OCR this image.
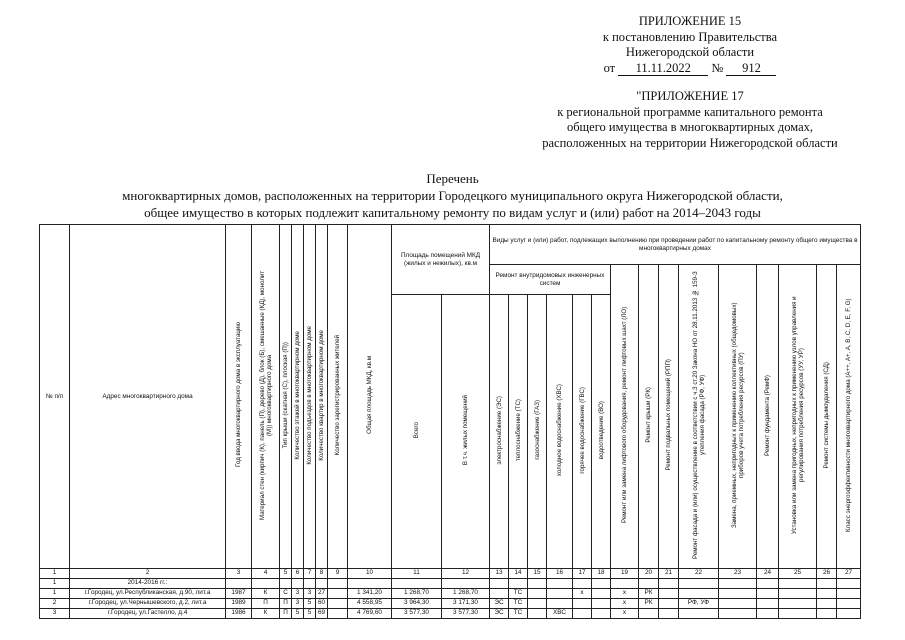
ПРИЛОЖЕНИЕ 15
к постановлению Правительства
Нижегородской области
от 11.11.2022 № 912
"ПРИЛОЖЕНИЕ 17
к региональной программе капитального ремонта
общего имущества в многоквартирных домах,
расположенных на территории Нижегородской области
Перечень
многоквартирных домов, расположенных на территории Городецкого муниципального округа Нижегородской области,
общее имущество в которых подлежит капитальному ремонту по видам услуг и (или) работ на 2014–2043 годы
№ п/п	Адрес многоквартирного дома	Год ввода многоквартирного дома в эксплуатацию	Материал стен (кирпич (К), панель (П), дерево (Д), блок (Б), смешанные (КД), монолит (М)) многоквартирного дома	Тип крыши (скатная (С), плоская (П))	Количество этажей в многоквартирном доме	Количество подъездов в многоквартирном доме	Количество квартир в многоквартирном доме	Количество зарегистрированных жителей	Общая площадь МКД, кв.м	Площадь помещений МКД (жилых и нежилых), кв.м		Виды услуг и (или) работ, подлежащих выполнению при проведении работ по капитальному ремонту общего имущества в многоквартирных домах														
												Ремонт внутридомовых инженерных систем						Ремонт или замена лифтового оборудования, ремонт лифтовых шахт (ЛО)	Ремонт крыши (РК)	Ремонт подвальных помещений (РПП)	Ремонт фасада и (или) осуществление в соответствии с ч.3 ст.20 Закона НО от 28.11.2013 № 159-З утепления фасада (РФ, УФ)	Замена, приемных, непригодных к применению коллективных (общедомовых) приборов учета потребления ресурсов (ПУ)	Ремонт фундамента (РемФ)	Установка или замена пригодных, непригодных к применению узлов управления и регулирования потребления ресурсов (УУ, УР)	Ремонт системы дымоудаления (СД)	Класс энергоэффективности многоквартирного дома (A++, A+, A, B, C, D, E, F, G)
										Всего	В т.ч. жилых помещений	электроснабжение (ЭС)	теплоснабжение (ТС)	газоснабжение (ГАЗ)	холодное водоснабжение (ХВС)	горячее водоснабжение (ГВС)	водоотведение (ВО)									

1	2	3	4	5	6	7	8	9	10	11	12	13	14	15	16	17	18	19	20	21	22	23	24	25	26	27
1	2014-2016 гг.:																									
1	г.Городец, ул.Республиканская, д.90, лит.а	1987	К	С	3	3	27		1 341,20	1 268,70	1 268,70		ТС			х		х	РК							
2	г.Городец, ул.Чернышевского, д.2, лит.а	1989	П	П	3	5	60		4 558,95	3 964,30	3 171,30	ЭС	ТС					х	РК		РФ, УФ					
3	г.Городец, ул.Гастелло, д.4	1986	К	П	5	5	69		4 769,60	3 577,30	3 577,30	ЭС	ТС		ХВС			х								
